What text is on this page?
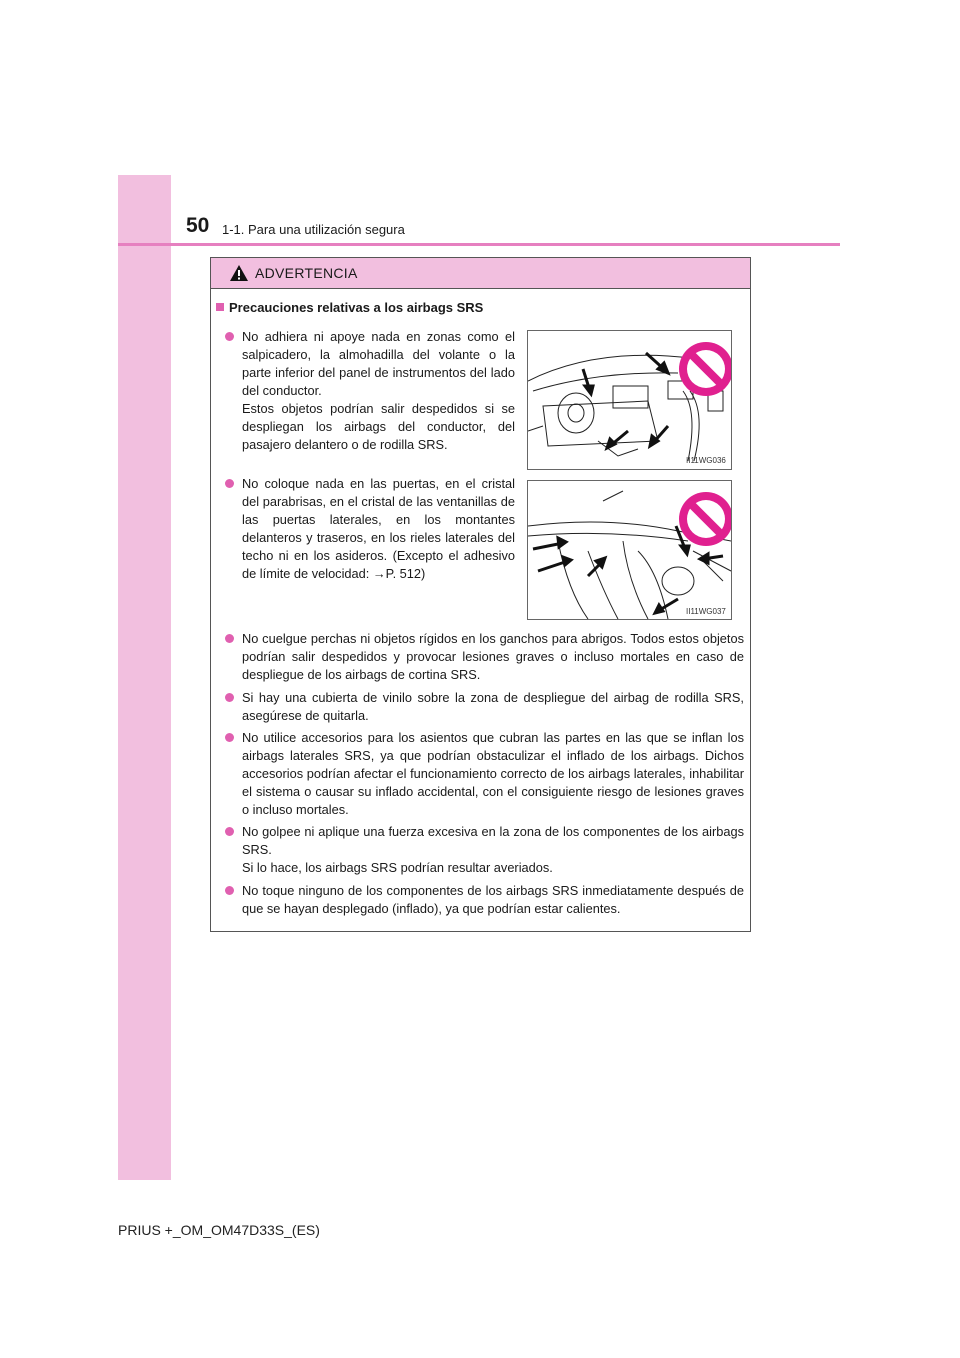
50 1-1. Para una utilización segura
ADVERTENCIA
Precauciones relativas a los airbags SRS
No adhiera ni apoye nada en zonas como el salpicadero, la almohadilla del volante o la parte inferior del panel de instrumentos del lado del conductor.
Estos objetos podrían salir despedidos si se despliegan los airbags del conductor, del pasajero delantero o de rodilla SRS.
II11WG036
No coloque nada en las puertas, en el cristal del parabrisas, en el cristal de las ventanillas de las puertas laterales, en los montantes delanteros y traseros, en los rieles laterales del techo ni en los asideros. (Excepto el adhesivo de límite de velocidad: →P. 512)
II11WG037
No cuelgue perchas ni objetos rígidos en los ganchos para abrigos. Todos estos objetos podrían salir despedidos y provocar lesiones graves o incluso mortales en caso de despliegue de los airbags de cortina SRS.
Si hay una cubierta de vinilo sobre la zona de despliegue del airbag de rodilla SRS, asegúrese de quitarla.
No utilice accesorios para los asientos que cubran las partes en las que se inflan los airbags laterales SRS, ya que podrían obstaculizar el inflado de los airbags. Dichos accesorios podrían afectar el funcionamiento correcto de los airbags laterales, inhabilitar el sistema o causar su inflado accidental, con el consiguiente riesgo de lesiones graves o incluso mortales.
No golpee ni aplique una fuerza excesiva en la zona de los componentes de los airbags SRS.
Si lo hace, los airbags SRS podrían resultar averiados.
No toque ninguno de los componentes de los airbags SRS inmediatamente después de que se hayan desplegado (inflado), ya que podrían estar calientes.
PRIUS +_OM_OM47D33S_(ES)
